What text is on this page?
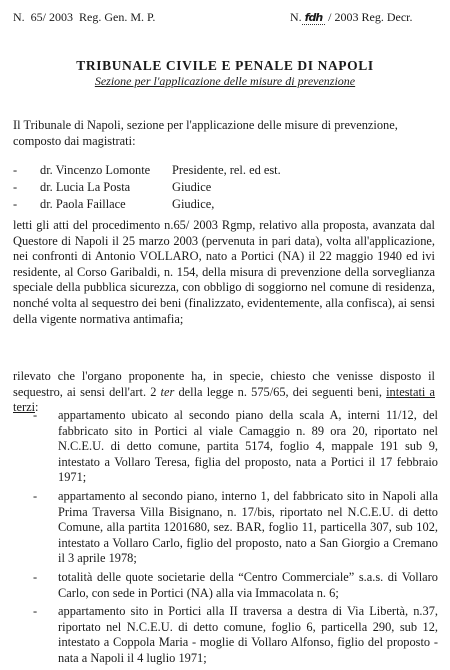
N. 65/ 2003 Reg. Gen. M. P.	N. fdh / 2003 Reg. Decr.
TRIBUNALE CIVILE E PENALE DI NAPOLI
Sezione per l'applicazione delle misure di prevenzione
Il Tribunale di Napoli, sezione per l'applicazione delle misure di prevenzione,
composto dai magistrati:
- dr. Vincenzo Lomonte Presidente, rel. ed est.
- dr. Lucia La Posta	Giudice
- dr. Paola Faillace	Giudice,
letti gli atti del procedimento n.65/ 2003 Rgmp, relativo alla proposta, avanzata dal Questore di Napoli il 25 marzo 2003 (pervenuta in pari data), volta all'applicazione, nei confronti di Antonio VOLLARO, nato a Portici (NA) il 22 maggio 1940 ed ivi residente, al Corso Garibaldi, n. 154, della misura di prevenzione della sorveglianza speciale della pubblica sicurezza, con obbligo di soggiorno nel comune di residenza, nonché volta al sequestro dei beni (finalizzato, evidentemente, alla confisca), ai sensi della vigente normativa antimafia;
rilevato che l'organo proponente ha, in specie, chiesto che venisse disposto il sequestro, ai sensi dell'art. 2 ter della legge n. 575/65, dei seguenti beni, intestati a terzi:
- appartamento ubicato al secondo piano della scala A, interni 11/12, del fabbricato sito in Portici al viale Camaggio n. 89 ora 20, riportato nel N.C.E.U. di detto comune, partita 5174, foglio 4, mappale 191 sub 9, intestato a Vollaro Teresa, figlia del proposto, nata a Portici il 17 febbraio 1971;
- appartamento al secondo piano, interno 1, del fabbricato sito in Napoli alla Prima Traversa Villa Bisignano, n. 17/bis, riportato nel N.C.E.U. di detto Comune, alla partita 1201680, sez. BAR, foglio 11, particella 307, sub 102, intestato a Vollaro Carlo, figlio del proposto, nato a San Giorgio a Cremano il 3 aprile 1978;
- totalità delle quote societarie della “Centro Commerciale” s.a.s. di Vollaro Carlo, con sede in Portici (NA) alla via Immacolata n. 6;
- appartamento sito in Portici alla II traversa a destra di Via Libertà, n.37, riportato nel N.C.E.U. di detto comune, foglio 6, particella 290, sub 12, intestato a Coppola Maria - moglie di Vollaro Alfonso, figlio del proposto - nata a Napoli il 4 luglio 1971;
